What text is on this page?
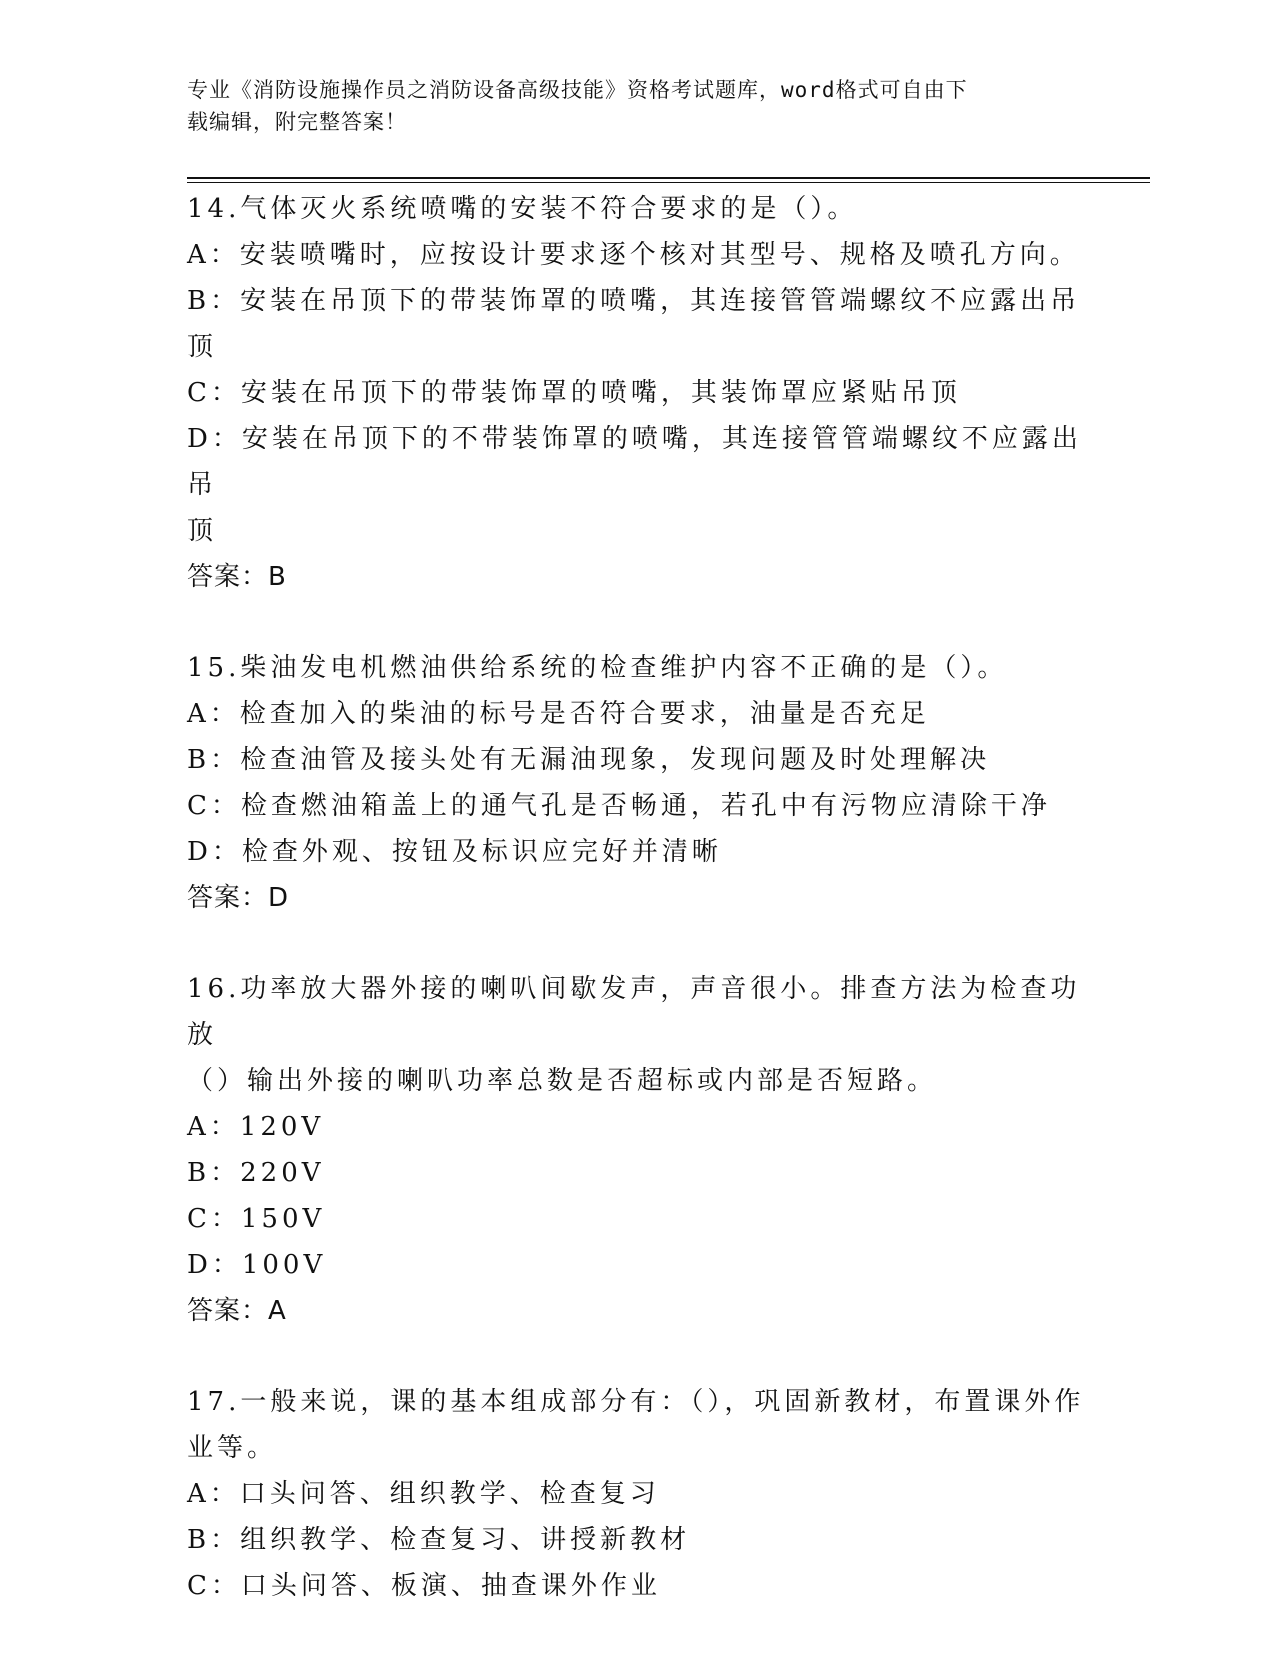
专业《消防设施操作员之消防设备高级技能》资格考试题库，word格式可自由下
载编辑，附完整答案！
14.气体灭火系统喷嘴的安装不符合要求的是（）。
A：安装喷嘴时，应按设计要求逐个核对其型号、规格及喷孔方向。
B：安装在吊顶下的带装饰罩的喷嘴，其连接管管端螺纹不应露出吊顶
C：安装在吊顶下的带装饰罩的喷嘴，其装饰罩应紧贴吊顶
D：安装在吊顶下的不带装饰罩的喷嘴，其连接管管端螺纹不应露出吊
顶
答案：B
15.柴油发电机燃油供给系统的检查维护内容不正确的是（）。
A：检查加入的柴油的标号是否符合要求，油量是否充足
B：检查油管及接头处有无漏油现象，发现问题及时处理解决
C：检查燃油箱盖上的通气孔是否畅通，若孔中有污物应清除干净
D：检查外观、按钮及标识应完好并清晰
答案：D
16.功率放大器外接的喇叭间歇发声，声音很小。排查方法为检查功放
（）输出外接的喇叭功率总数是否超标或内部是否短路。
A：120V
B：220V
C：150V
D：100V
答案：A
17.一般来说，课的基本组成部分有：（），巩固新教材，布置课外作
业等。
A：口头问答、组织教学、检查复习
B：组织教学、检查复习、讲授新教材
C：口头问答、板演、抽查课外作业
